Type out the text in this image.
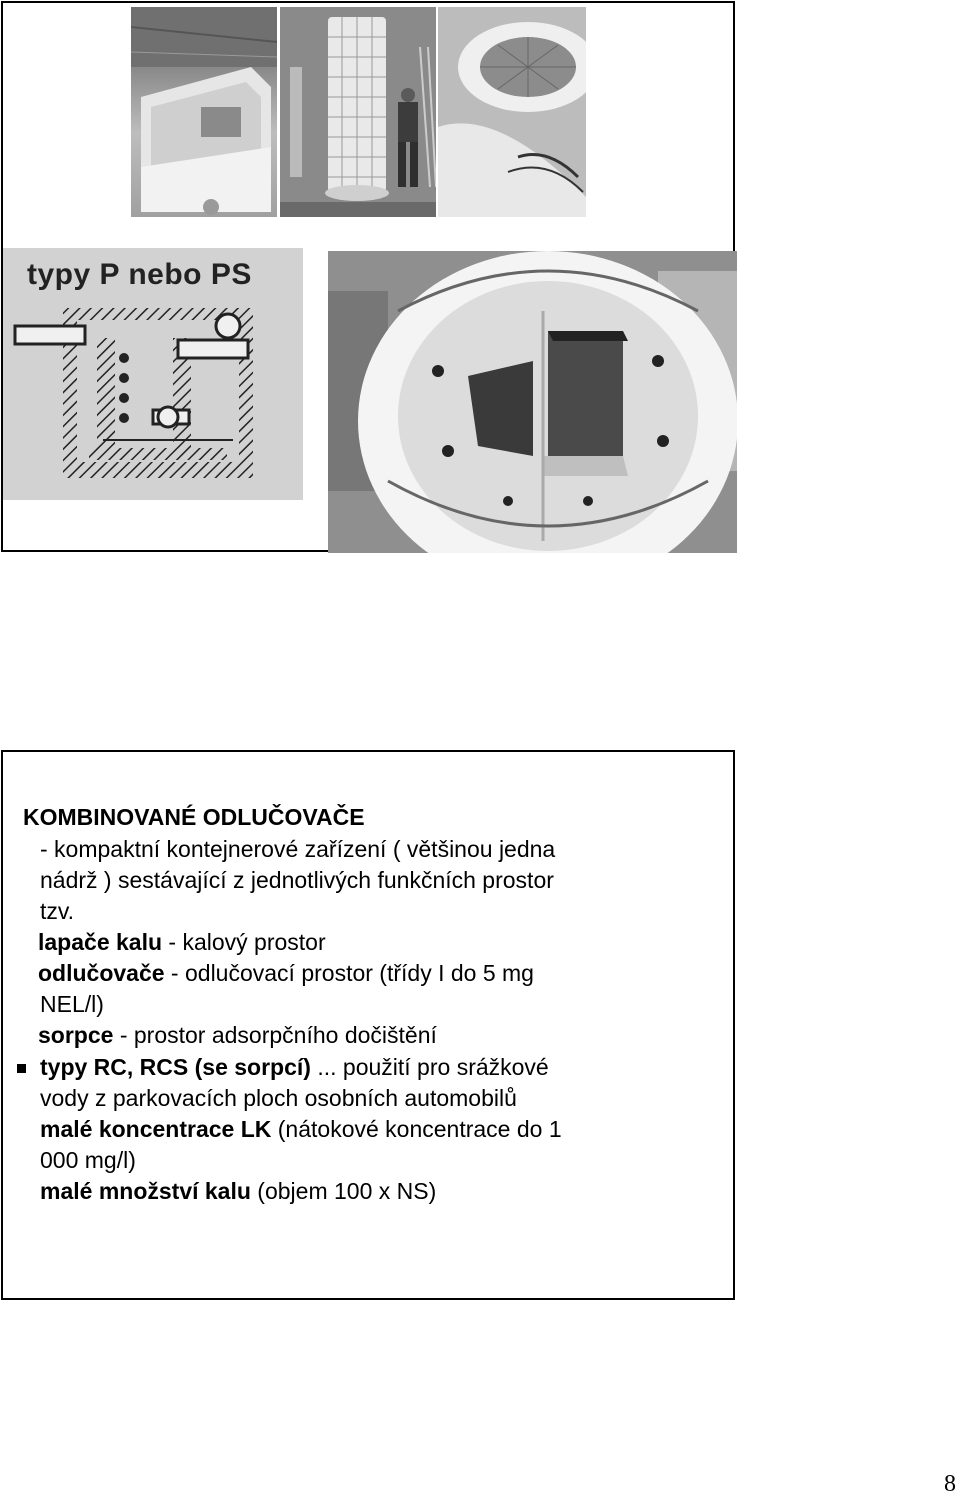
typy P nebo PS
KOMBINOVANÉ ODLUČOVAČE
- kompaktní kontejnerové zařízení ( většinou jedna
nádrž ) sestávající z jednotlivých funkčních prostor
tzv.
lapače kalu - kalový prostor
odlučovače - odlučovací prostor (třídy I do 5 mg
NEL/l)
sorpce - prostor adsorpčního dočištění
typy RC, RCS (se sorpcí) ... použití pro srážkové
vody z parkovacích ploch osobních automobilů
malé koncentrace LK (nátokové koncentrace do 1
000 mg/l)
malé množství kalu (objem 100 x NS)
8
